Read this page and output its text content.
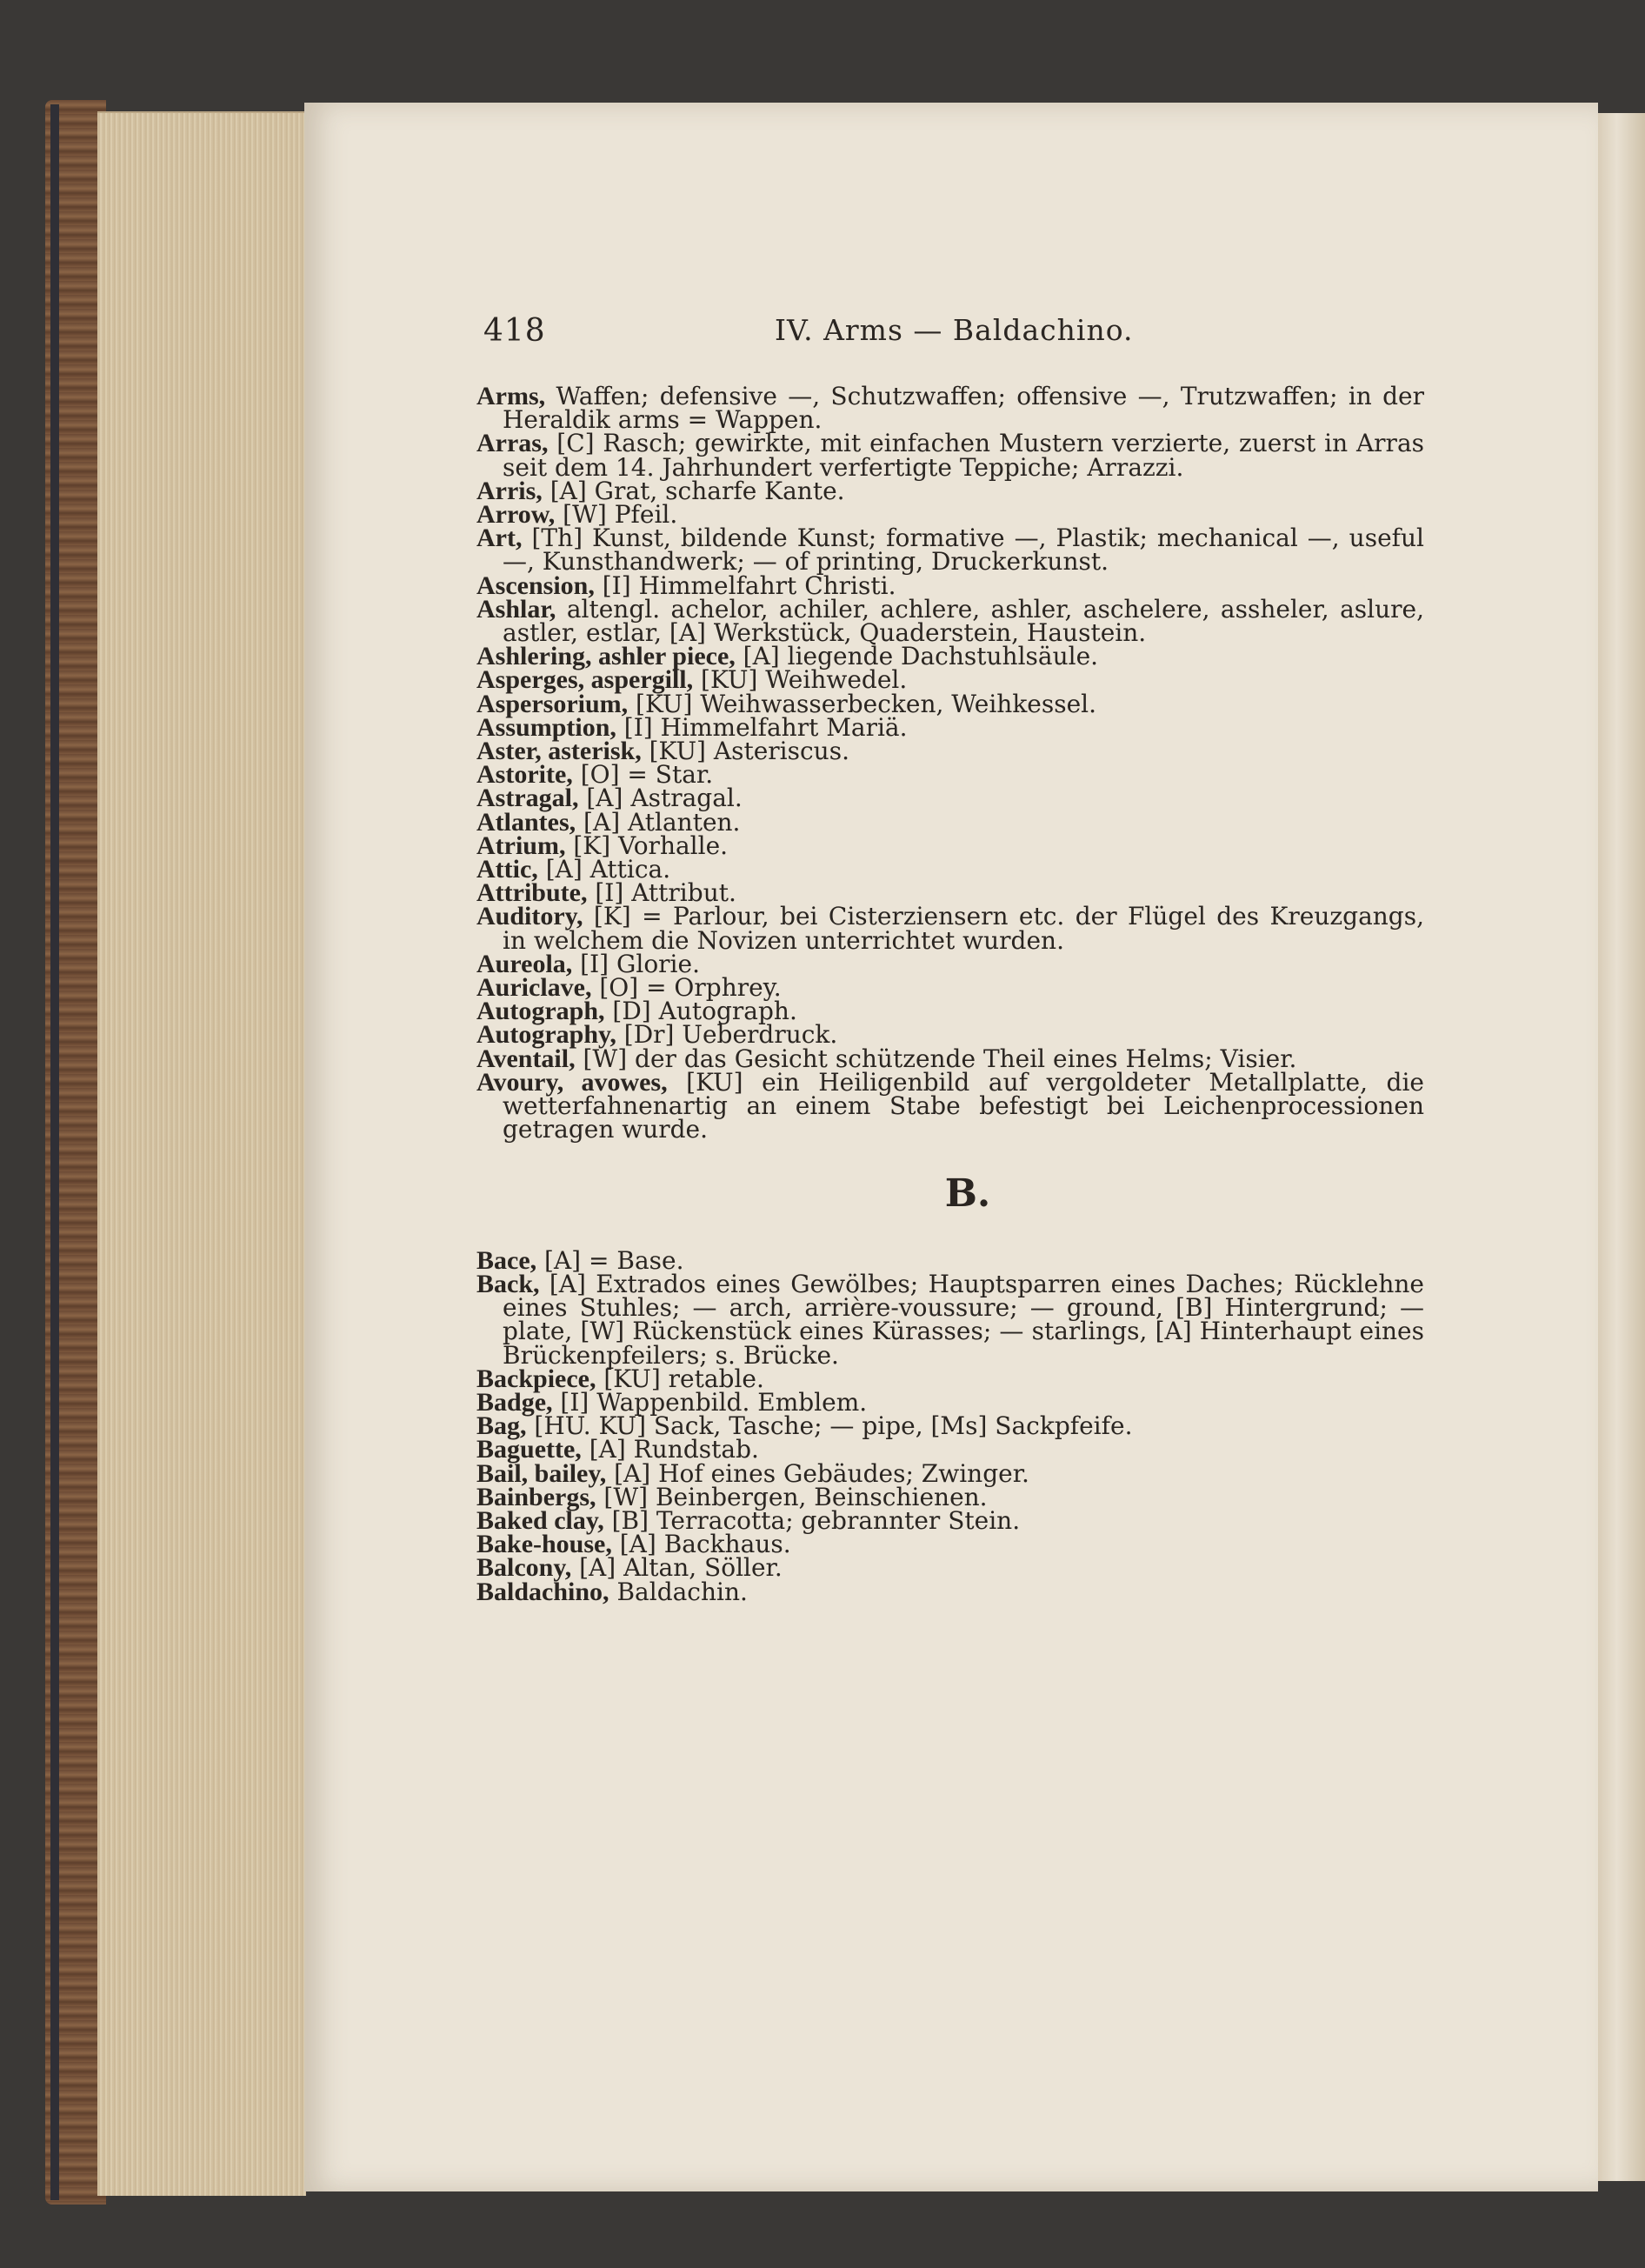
418	IV. Arms — Baldachino.

Arms, Waffen; defensive —, Schutzwaffen; offensive —, Trutzwaffen; in der Heraldik arms = Wappen.

Arras, [C] Rasch; gewirkte, mit einfachen Mustern verzierte, zuerst in Arras seit dem 14. Jahrhundert verfertigte Teppiche; Arrazzi.

Arris, [A] Grat, scharfe Kante.

Arrow, [W] Pfeil.

Art, [Th] Kunst, bildende Kunst; formative —, Plastik; mechanical —, useful —, Kunsthandwerk; — of printing, Druckerkunst.

Ascension, [I] Himmelfahrt Christi.

Ashlar, altengl. achelor, achiler, achlere, ashler, aschelere, assheler, aslure, astler, estlar, [A] Werkstück, Quaderstein, Haustein.

Ashlering, ashler piece, [A] liegende Dachstuhlsäule.

Asperges, aspergill, [KU] Weihwedel.

Aspersorium, [KU] Weihwasserbecken, Weihkessel.

Assumption, [I] Himmelfahrt Mariä.

Aster, asterisk, [KU] Asteriscus.

Astorite, [O] = Star.

Astragal, [A] Astragal.

Atlantes, [A] Atlanten.

Atrium, [K] Vorhalle.

Attic, [A] Attica.

Attribute, [I] Attribut.

Auditory, [K] = Parlour, bei Cisterziensern etc. der Flügel des Kreuzgangs, in welchem die Novizen unterrichtet wurden.

Aureola, [I] Glorie.

Auriclave, [O] = Orphrey.

Autograph, [D] Autograph.

Autography, [Dr] Ueberdruck.

Aventail, [W] der das Gesicht schützende Theil eines Helms; Visier.

Avoury, avowes, [KU] ein Heiligenbild auf vergoldeter Metallplatte, die wetterfahnenartig an einem Stabe befestigt bei Leichenprocessionen getragen wurde.

B.

Bace, [A] = Base.

Back, [A] Extrados eines Gewölbes; Hauptsparren eines Daches; Rücklehne eines Stuhles; — arch, arrière-voussure; — ground, [B] Hintergrund; — plate, [W] Rückenstück eines Kürasses; — starlings, [A] Hinterhaupt eines Brückenpfeilers; s. Brücke.

Backpiece, [KU] retable.

Badge, [I] Wappenbild. Emblem.

Bag, [HU. KU] Sack, Tasche; — pipe, [Ms] Sackpfeife.

Baguette, [A] Rundstab.

Bail, bailey, [A] Hof eines Gebäudes; Zwinger.

Bainbergs, [W] Beinbergen, Beinschienen.

Baked clay, [B] Terracotta; gebrannter Stein.

Bake-house, [A] Backhaus.

Balcony, [A] Altan, Söller.

Baldachino, Baldachin.
